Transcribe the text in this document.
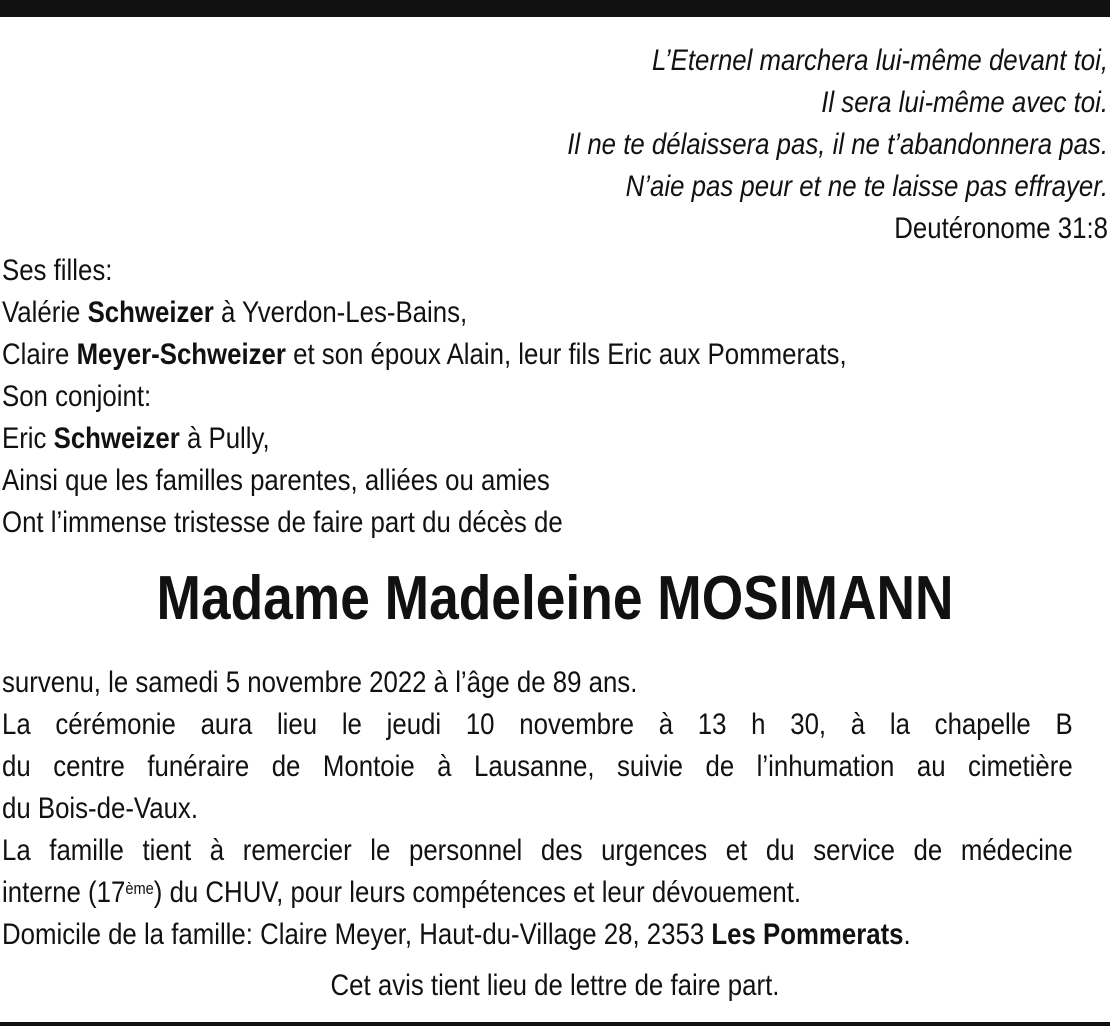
L’Eternel marchera lui-même devant toi,
Il sera lui-même avec toi.
Il ne te délaissera pas, il ne t’abandonnera pas.
N’aie pas peur et ne te laisse pas effrayer.
Deutéronome 31:8
Ses filles:
Valérie Schweizer à Yverdon-Les-Bains,
Claire Meyer-Schweizer et son époux Alain, leur fils Eric aux Pommerats,
Son conjoint:
Eric Schweizer à Pully,
Ainsi que les familles parentes, alliées ou amies
Ont l’immense tristesse de faire part du décès de
Madame Madeleine MOSIMANN
survenu, le samedi 5 novembre 2022 à l’âge de 89 ans.
La cérémonie aura lieu le jeudi 10 novembre à 13 h 30, à la chapelle B
du centre funéraire de Montoie à Lausanne, suivie de l’inhumation au cimetière
du Bois-de-Vaux.
La famille tient à remercier le personnel des urgences et du service de médecine
interne (17ème) du CHUV, pour leurs compétences et leur dévouement.
Domicile de la famille: Claire Meyer, Haut-du-Village 28, 2353 Les Pommerats.
Cet avis tient lieu de lettre de faire part.
